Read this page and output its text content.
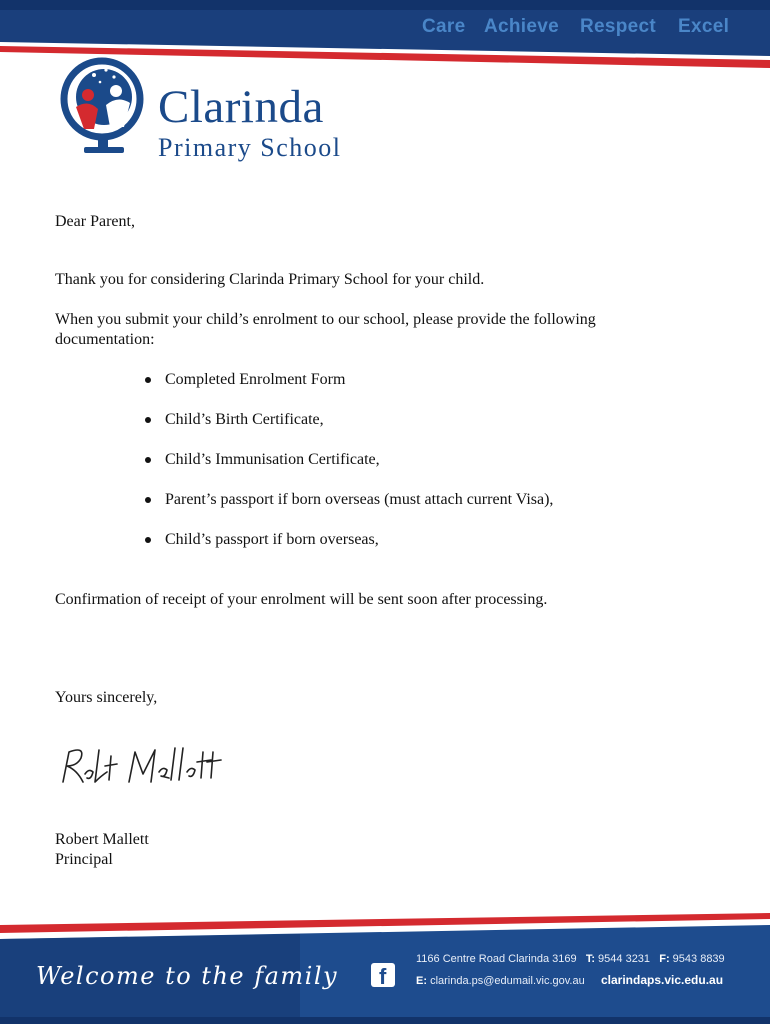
Care Achieve Respect Excel
Clarinda
Primary School
Dear Parent,
Thank you for considering Clarinda Primary School for your child.
When you submit your child’s enrolment to our school, please provide the following
documentation:
Completed Enrolment Form
Child’s Birth Certificate,
Child’s Immunisation Certificate,
Parent’s passport if born overseas (must attach current Visa),
Child’s passport if born overseas,
Confirmation of receipt of your enrolment will be sent soon after processing.
Yours sincerely,
Robert Mallett
Principal
Welcome to the family f
1166 Centre Road Clarinda 3169 T: 9544 3231 F: 9543 8839
E: clarinda.ps@edumail.vic.gov.au clarindaps.vic.edu.au
